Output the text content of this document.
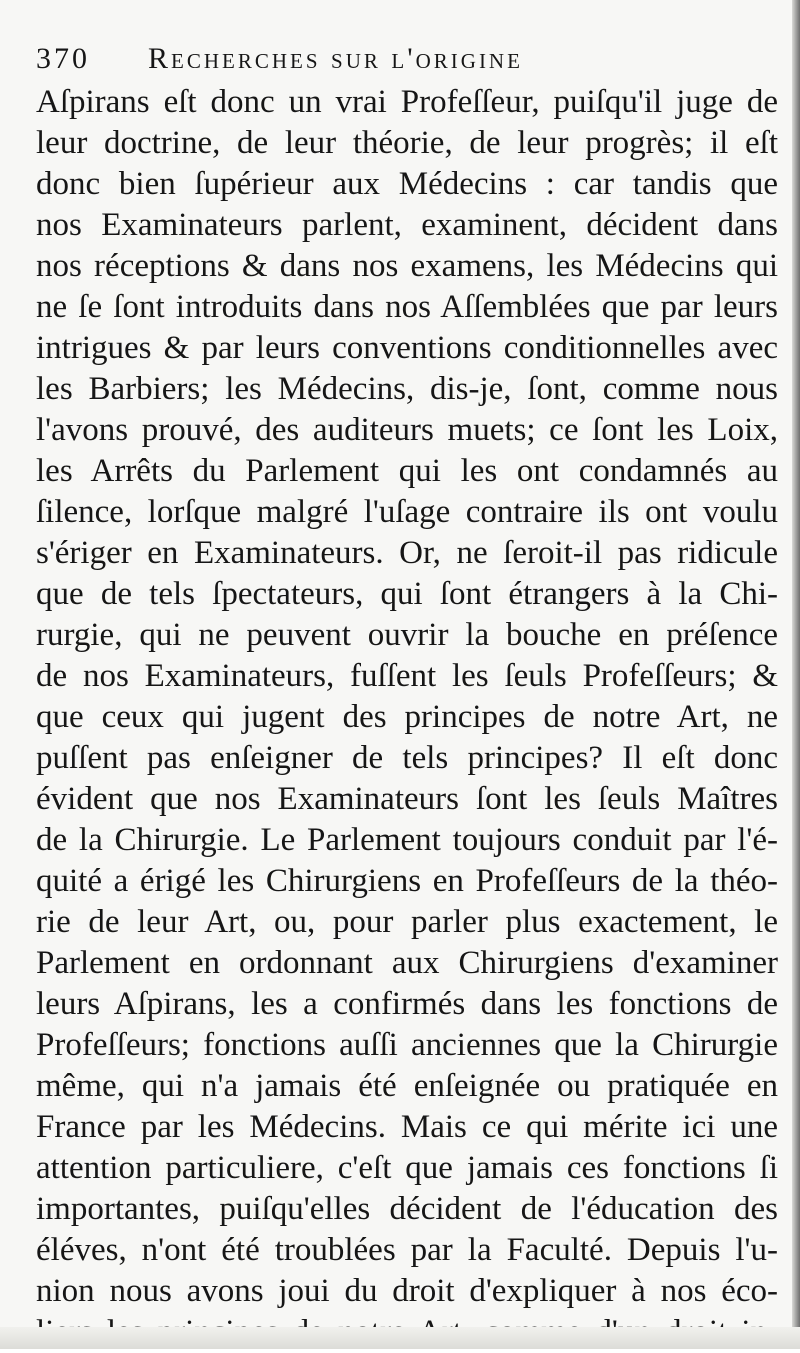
370 Recherches sur l'origine
Aſpirans eſt donc un vrai Profeſſeur, puiſqu'il juge de
leur doctrine, de leur théorie, de leur progrès; il eſt
donc bien ſupérieur aux Médecins : car tandis que
nos Examinateurs parlent, examinent, décident dans
nos réceptions & dans nos examens, les Médecins qui
ne ſe ſont introduits dans nos Aſſemblées que par leurs
intrigues & par leurs conventions conditionnelles avec
les Barbiers; les Médecins, dis-je, ſont, comme nous
l'avons prouvé, des auditeurs muets; ce ſont les Loix,
les Arrêts du Parlement qui les ont condamnés au
ſilence, lorſque malgré l'uſage contraire ils ont voulu
s'ériger en Examinateurs. Or, ne ſeroit-il pas ridicule
que de tels ſpectateurs, qui ſont étrangers à la Chi-
rurgie, qui ne peuvent ouvrir la bouche en préſence
de nos Examinateurs, fuſſent les ſeuls Profeſſeurs; &
que ceux qui jugent des principes de notre Art, ne
puſſent pas enſeigner de tels principes? Il eſt donc
évident que nos Examinateurs ſont les ſeuls Maîtres
de la Chirurgie. Le Parlement toujours conduit par l'é-
quité a érigé les Chirurgiens en Profeſſeurs de la théo-
rie de leur Art, ou, pour parler plus exactement, le
Parlement en ordonnant aux Chirurgiens d'examiner
leurs Aſpirans, les a confirmés dans les fonctions de
Profeſſeurs; fonctions auſſi anciennes que la Chirurgie
même, qui n'a jamais été enſeignée ou pratiquée en
France par les Médecins. Mais ce qui mérite ici une
attention particuliere, c'eſt que jamais ces fonctions ſi
importantes, puiſqu'elles décident de l'éducation des
éléves, n'ont été troublées par la Faculté. Depuis l'u-
nion nous avons joui du droit d'expliquer à nos éco-
